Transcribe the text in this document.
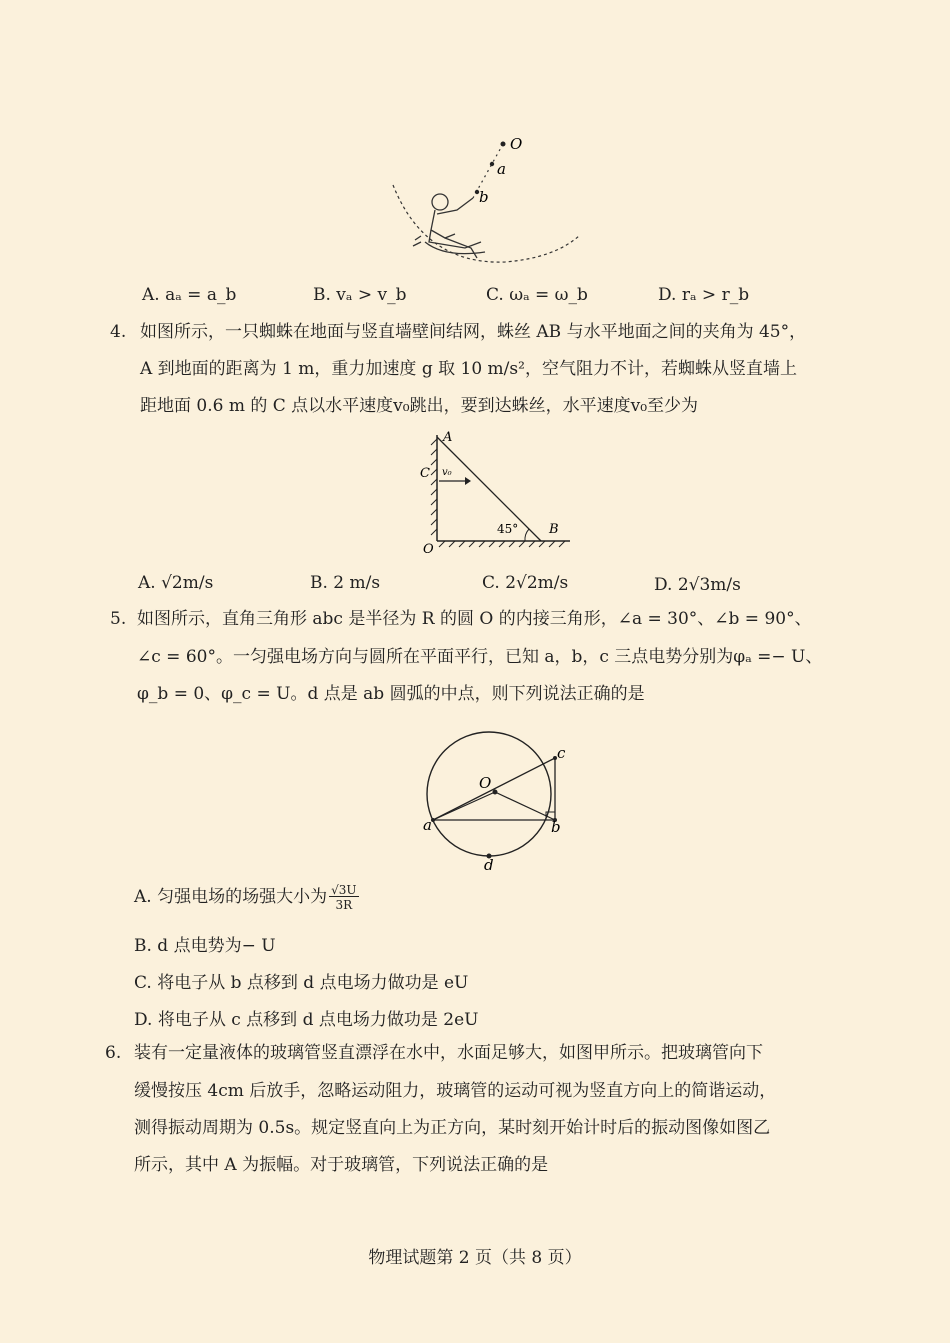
O
a
b
A. aₐ = a_b	B. vₐ > v_b	C. ωₐ = ω_b	D. rₐ > r_b
4. 如图所示，一只蜘蛛在地面与竖直墙壁间结网，蛛丝 AB 与水平地面之间的夹角为 45°，
A 到地面的距离为 1 m，重力加速度 g 取 10 m/s²，空气阻力不计，若蜘蛛从竖直墙上
距地面 0.6 m 的 C 点以水平速度v₀跳出，要到达蛛丝，水平速度v₀至少为
A
C v₀
45° B
O
A. √2m/s	B. 2 m/s	C. 2√2m/s	D. 2√3m/s
5. 如图所示，直角三角形 abc 是半径为 R 的圆 O 的内接三角形，∠a = 30°、∠b = 90°、
∠c = 60°。一匀强电场方向与圆所在平面平行，已知 a，b，c 三点电势分别为φₐ =− U、
φ_b = 0、φ_c = U。d 点是 ab 圆弧的中点，则下列说法正确的是
O
a	b
c
d
A. 匀强电场的场强大小为 $\frac{√3U}{3R}$
B. d 点电势为− U
C. 将电子从 b 点移到 d 点电场力做功是 eU
D. 将电子从 c 点移到 d 点电场力做功是 2eU
6. 装有一定量液体的玻璃管竖直漂浮在水中，水面足够大，如图甲所示。把玻璃管向下
缓慢按压 4cm 后放手，忽略运动阻力，玻璃管的运动可视为竖直方向上的简谐运动，
测得振动周期为 0.5s。规定竖直向上为正方向，某时刻开始计时后的振动图像如图乙
所示，其中 A 为振幅。对于玻璃管，下列说法正确的是
物理试题第 2 页（共 8 页）
